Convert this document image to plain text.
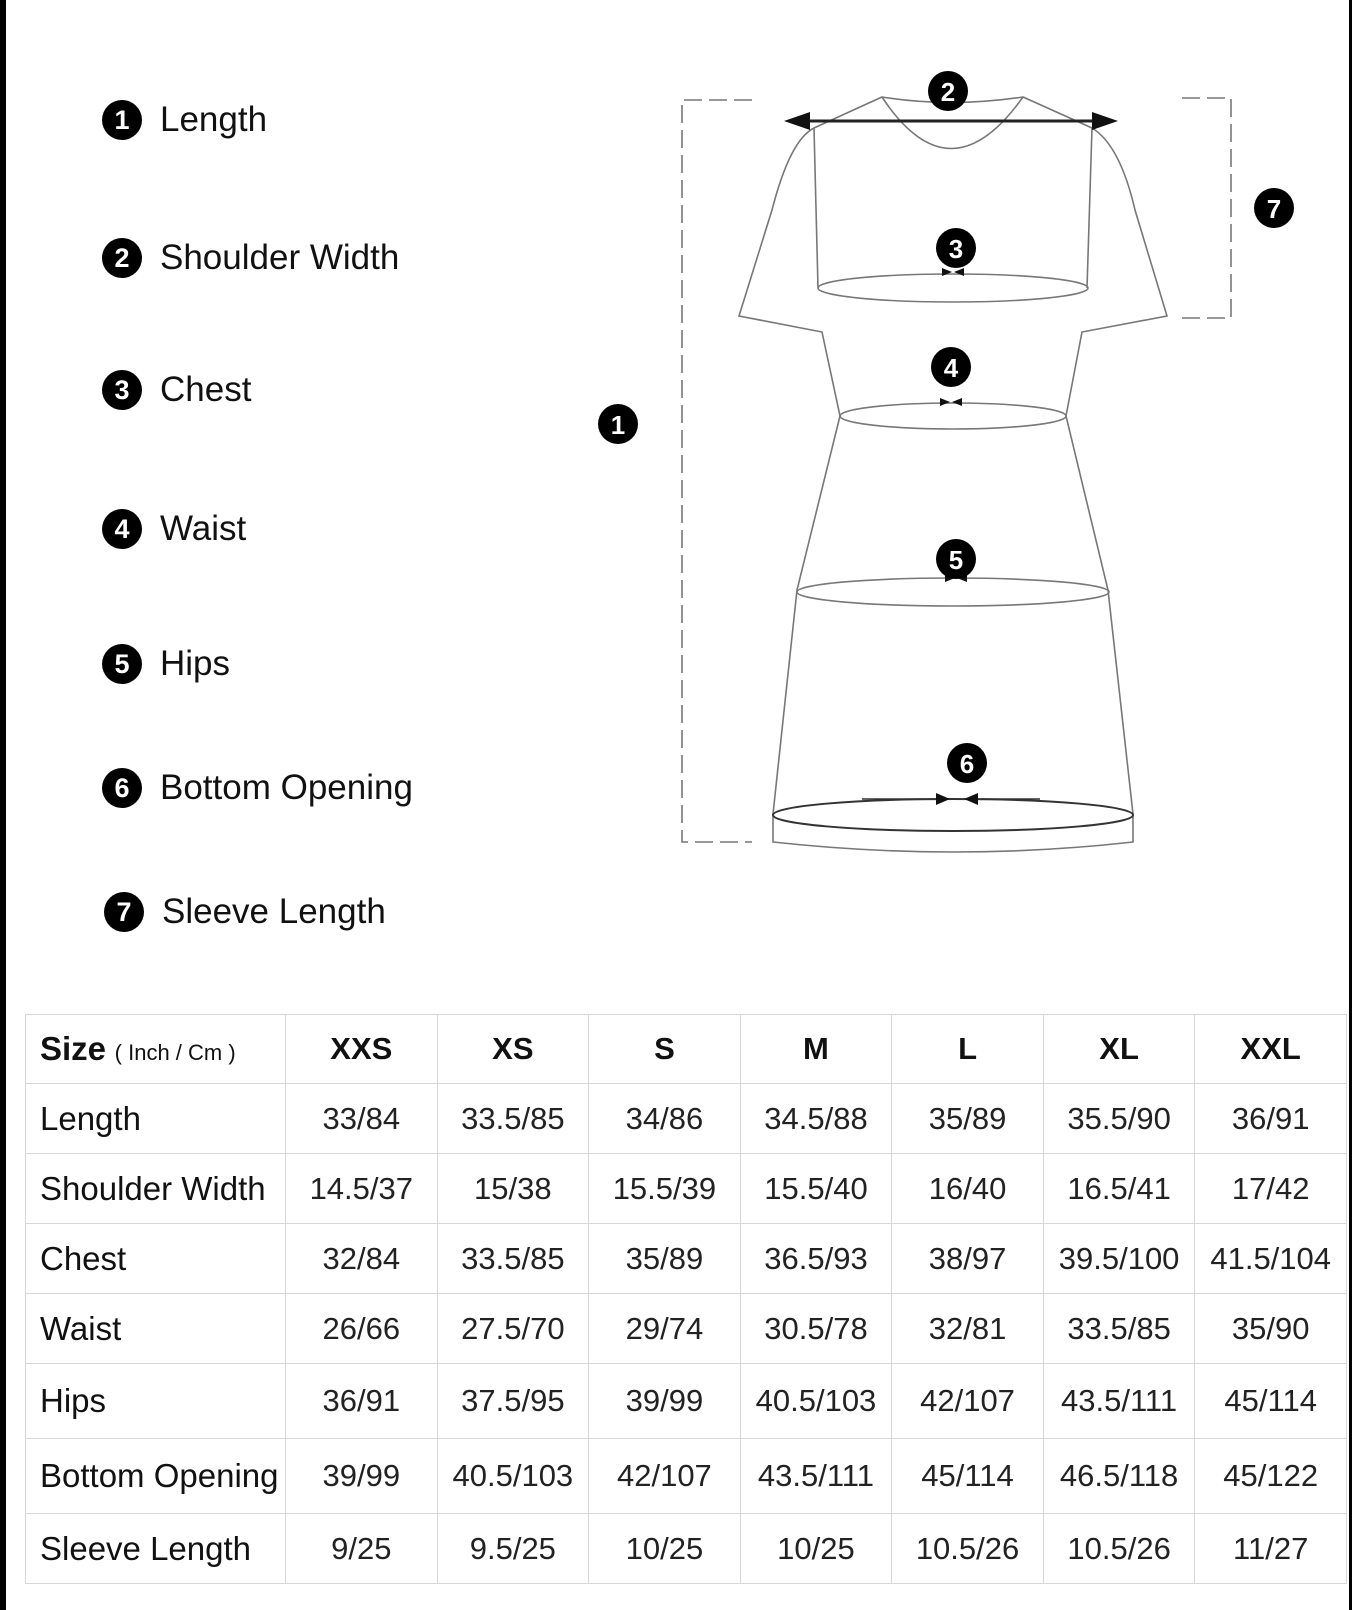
1 Length
2 Shoulder Width
3 Chest
4 Waist
5 Hips
6 Bottom Opening
7 Sleeve Length
1
2
3
4
5
6
7
Size ( Inch / Cm )	XXS	XS	S	M	L	XL	XXL
Length	33/84	33.5/85	34/86	34.5/88	35/89	35.5/90	36/91
Shoulder Width	14.5/37	15/38	15.5/39	15.5/40	16/40	16.5/41	17/42
Chest	32/84	33.5/85	35/89	36.5/93	38/97	39.5/100	41.5/104
Waist	26/66	27.5/70	29/74	30.5/78	32/81	33.5/85	35/90
Hips	36/91	37.5/95	39/99	40.5/103	42/107	43.5/111	45/114
Bottom Opening	39/99	40.5/103	42/107	43.5/111	45/114	46.5/118	45/122
Sleeve Length	9/25	9.5/25	10/25	10/25	10.5/26	10.5/26	11/27
